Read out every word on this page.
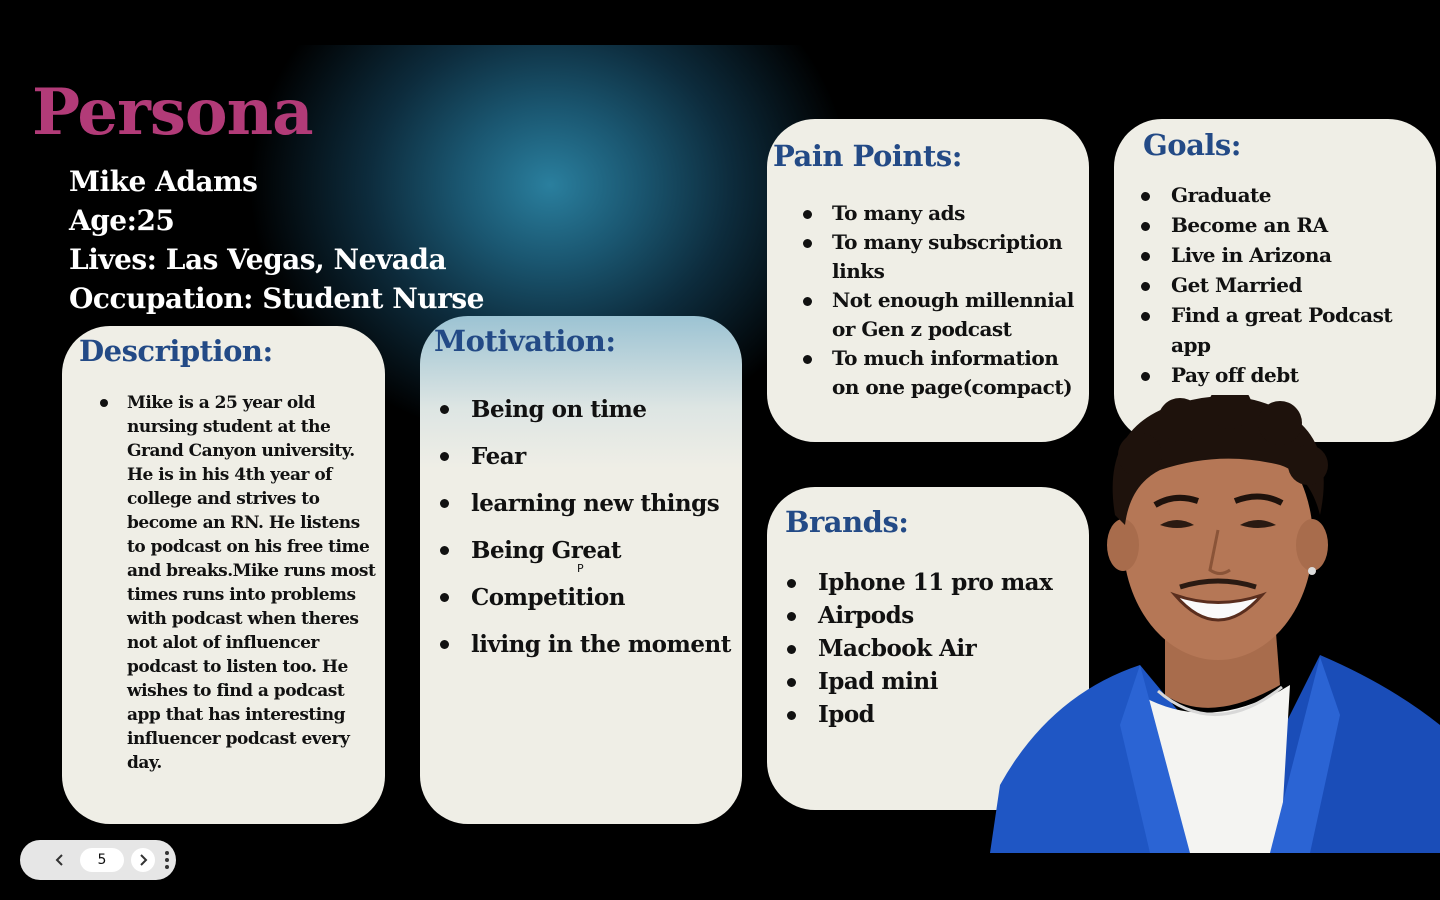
Persona
Mike Adams
Age:25
Lives: Las Vegas, Nevada
Occupation: Student Nurse
Description:
Mike is a 25 year old nursing student at the Grand Canyon university. He is in his 4th year of college and strives to become an RN. He listens to podcast on his free time and breaks.Mike runs most times runs into problems with podcast when theres not alot of influencer podcast to listen too. He wishes to find a podcast app that has interesting influencer podcast every day.
Motivation:
Being on time
Fear
learning new things
Being Great
Competition
living in the moment
P
Pain Points:
To many ads
To many subscription links
Not enough millennial or Gen z podcast
To much information on one page(compact)
Goals:
Graduate
Become an RA
Live in Arizona
Get Married
Find a great Podcast app
Pay off debt
Brands:
Iphone 11 pro max
Airpods
Macbook Air
Ipad mini
Ipod
5
